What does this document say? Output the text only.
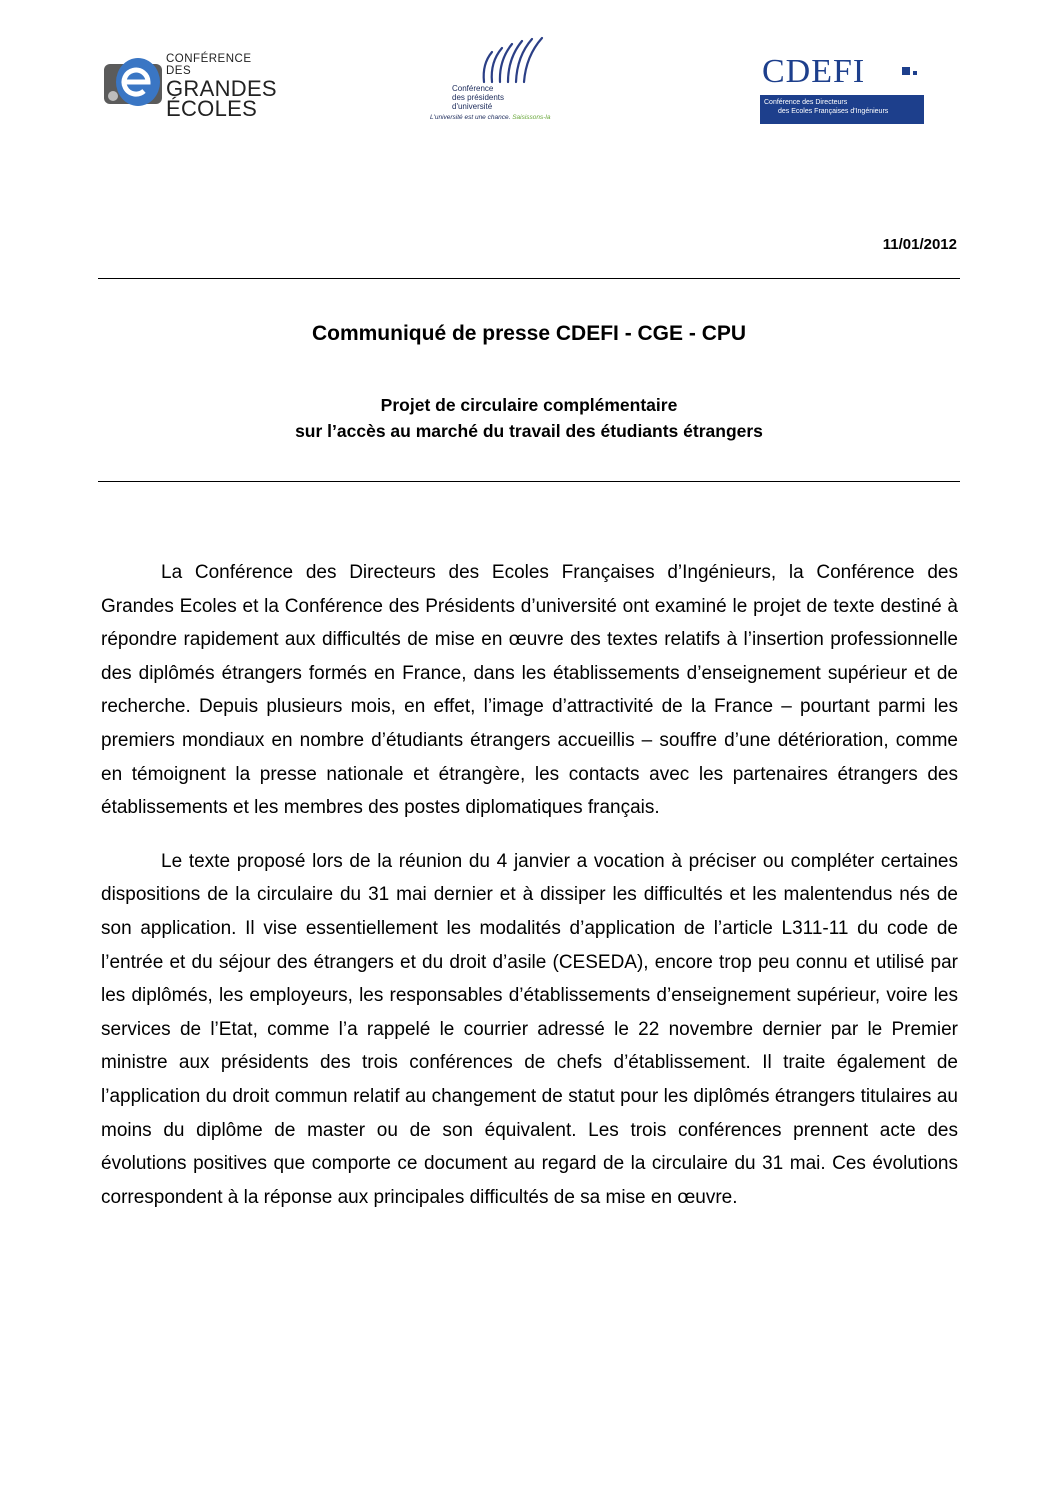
CONFÉRENCE DES
GRANDES
ÉCOLES
Conférence
des présidents
d'université
L'université est une chance. Saisissons-la
CDEFI
Conférence des Directeurs
des Ecoles Françaises d'Ingénieurs
11/01/2012
Communiqué de presse CDEFI - CGE - CPU
Projet de circulaire complémentaire
sur l’accès au marché du travail des étudiants étrangers

La Conférence des Directeurs des Ecoles Françaises d’Ingénieurs, la Conférence des Grandes Ecoles et la Conférence des Présidents d’université ont examiné le projet de texte destiné à répondre rapidement aux difficultés de mise en œuvre des textes relatifs à l’insertion professionnelle des diplômés étrangers formés en France, dans les établissements d’enseignement supérieur et de recherche. Depuis plusieurs mois, en effet, l’image d’attractivité de la France – pourtant parmi les premiers mondiaux en nombre d’étudiants étrangers accueillis – souffre d’une détérioration, comme en témoignent la presse nationale et étrangère, les contacts avec les partenaires étrangers des établissements et les membres des postes diplomatiques français.

Le texte proposé lors de la réunion du 4 janvier a vocation à préciser ou compléter certaines dispositions de la circulaire du 31 mai dernier et à dissiper les difficultés et les malentendus nés de son application. Il vise essentiellement les modalités d’application de l’article L311-11 du code de l’entrée et du séjour des étrangers et du droit d’asile (CESEDA), encore trop peu connu et utilisé par les diplômés, les employeurs, les responsables d’établissements d’enseignement supérieur, voire les services de l’Etat, comme l’a rappelé le courrier adressé le 22 novembre dernier par le Premier ministre aux présidents des trois conférences de chefs d’établissement. Il traite également de l’application du droit commun relatif au changement de statut pour les diplômés étrangers titulaires au moins du diplôme de master ou de son équivalent. Les trois conférences prennent acte des évolutions positives que comporte ce document au regard de la circulaire du 31 mai. Ces évolutions correspondent à la réponse aux principales difficultés de sa mise en œuvre.
